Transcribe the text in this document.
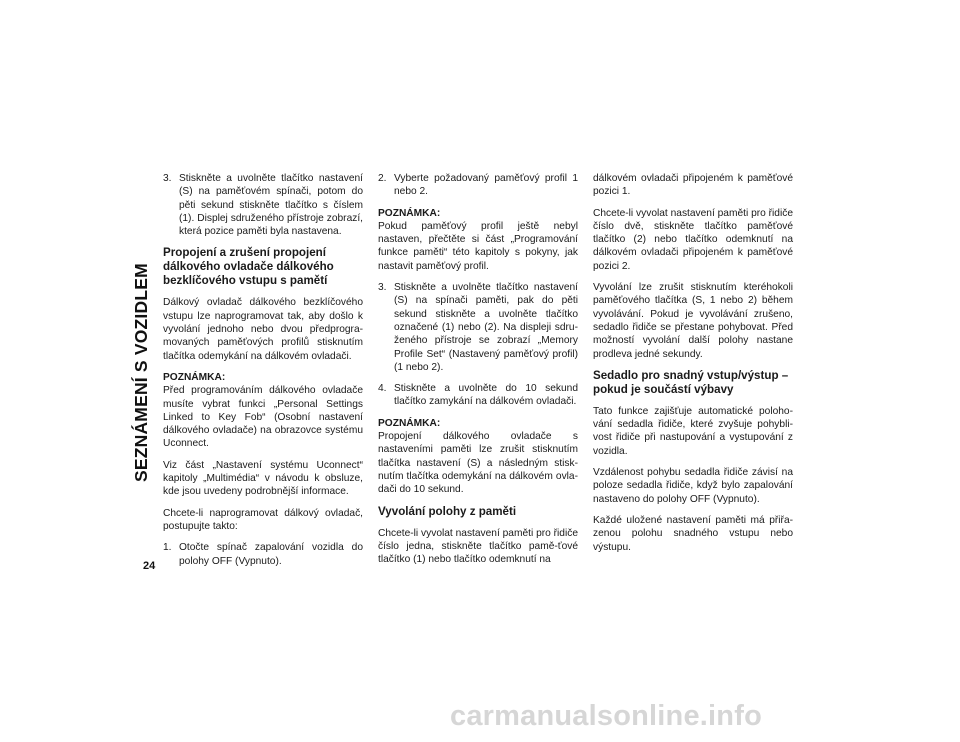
SEZNÁMENÍ S VOZIDLEM
24
3. Stiskněte a uvolněte tlačítko nastavení (S) na paměťovém spínači, potom do pěti sekund stiskněte tlačítko s číslem (1). Displej sdruženého přístroje zobrazí, která pozice paměti byla nastavena.
Propojení a zrušení propojení dálkového ovladače dálkového bezklíčového vstupu s pamětí

Dálkový ovladač dálkového bezklíčového vstupu lze naprogramovat tak, aby došlo k vyvolání jednoho nebo dvou předprogra-movaných paměťových profilů stisknutím tlačítka odemykání na dálkovém ovladači.

POZNÁMKA:

Před programováním dálkového ovladače musíte vybrat funkci „Personal Settings Linked to Key Fob“ (Osobní nastavení dálkového ovladače) na obrazovce systému Uconnect.

Viz část „Nastavení systému Uconnect“ kapitoly „Multimédia“ v návodu k obsluze, kde jsou uvedeny podrobnější informace.

Chcete-li naprogramovat dálkový ovladač, postupujte takto:

1. Otočte spínač zapalování vozidla do polohy OFF (Vypnuto).
2. Vyberte požadovaný paměťový profil 1 nebo 2.
POZNÁMKA:

Pokud paměťový profil ještě nebyl nastaven, přečtěte si část „Programování funkce paměti“ této kapitoly s pokyny, jak nastavit paměťový profil.

3. Stiskněte a uvolněte tlačítko nastavení (S) na spínači paměti, pak do pěti sekund stiskněte a uvolněte tlačítko označené (1) nebo (2). Na displeji sdru-ženého přístroje se zobrazí „Memory Profile Set“ (Nastavený paměťový profil) (1 nebo 2).
4. Stiskněte a uvolněte do 10 sekund tlačítko zamykání na dálkovém ovladači.
POZNÁMKA:

Propojení dálkového ovladače s nastaveními paměti lze zrušit stisknutím tlačítka nastavení (S) a následným stisk-nutím tlačítka odemykání na dálkovém ovla-dači do 10 sekund.

Vyvolání polohy z paměti

Chcete-li vyvolat nastavení paměti pro řidiče číslo jedna, stiskněte tlačítko pamě-ťové tlačítko (1) nebo tlačítko odemknutí na

dálkovém ovladači připojeném k paměťové pozici 1.

Chcete-li vyvolat nastavení paměti pro řidiče číslo dvě, stiskněte tlačítko paměťové tlačítko (2) nebo tlačítko odemknutí na dálkovém ovladači připojeném k paměťové pozici 2.

Vyvolání lze zrušit stisknutím kteréhokoli paměťového tlačítka (S, 1 nebo 2) během vyvolávání. Pokud je vyvolávání zrušeno, sedadlo řidiče se přestane pohybovat. Před možností vyvolání další polohy nastane prodleva jedné sekundy.

Sedadlo pro snadný vstup/výstup – pokud je součástí výbavy

Tato funkce zajišťuje automatické poloho-vání sedadla řidiče, které zvyšuje pohybli-vost řidiče při nastupování a vystupování z vozidla.

Vzdálenost pohybu sedadla řidiče závisí na poloze sedadla řidiče, když bylo zapalování nastaveno do polohy OFF (Vypnuto).

Každé uložené nastavení paměti má přiřa-zenou polohu snadného vstupu nebo výstupu.

carmanualsonline.info
